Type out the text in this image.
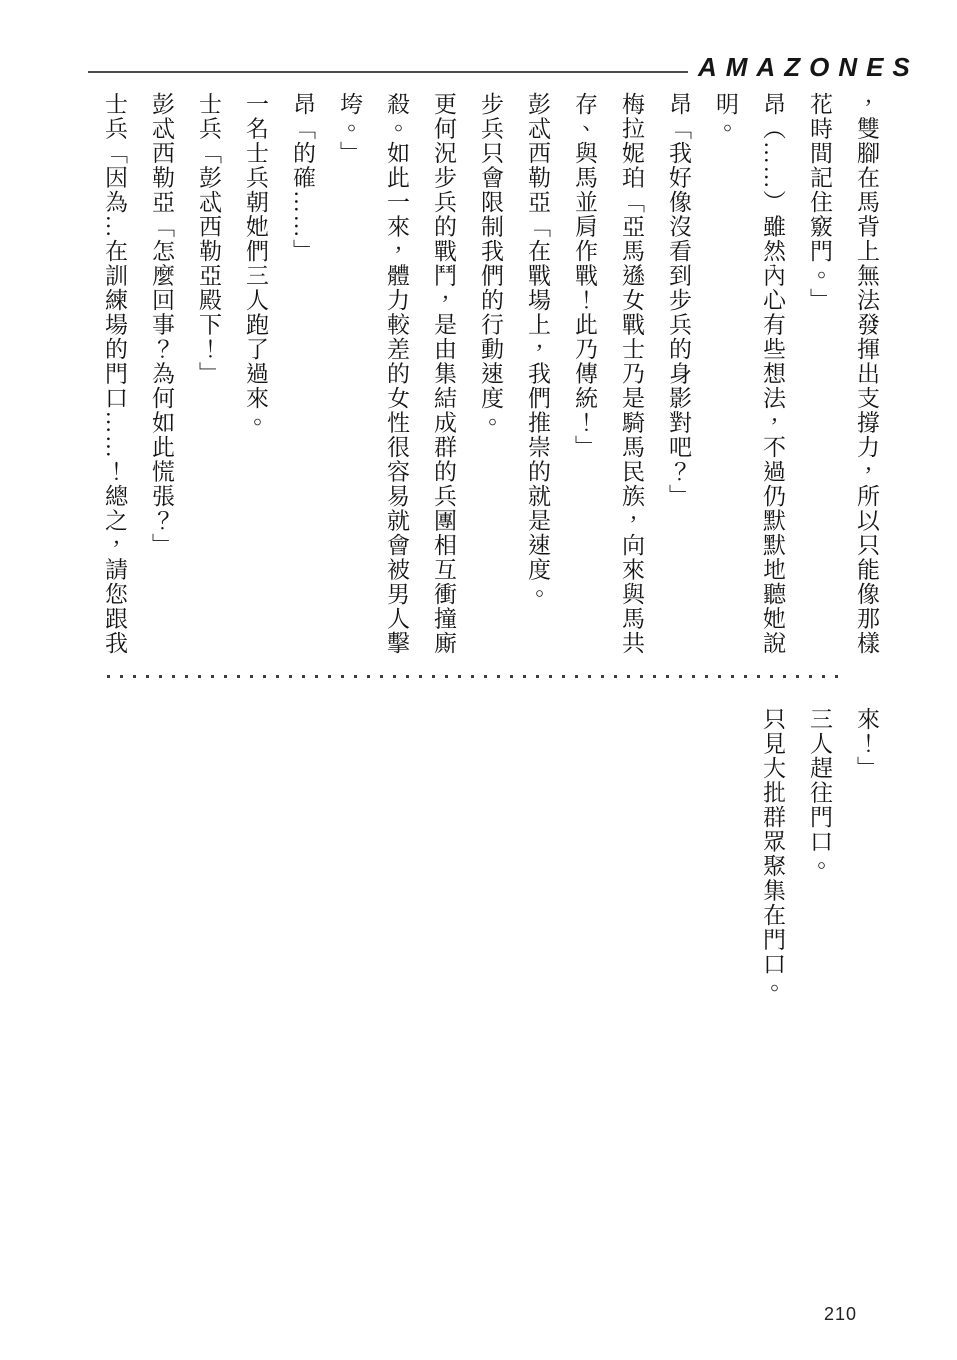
AMAZONES

，雙腳在馬背上無法發揮出支撐力，所以只能像那樣花時間記住竅門。」

昂（……）雖然內心有些想法，不過仍默默地聽她說明。

昂「我好像沒看到步兵的身影對吧？」

梅拉妮珀「亞馬遜女戰士乃是騎馬民族，向來與馬共存、與馬並肩作戰！此乃傳統！」

彭忒西勒亞「在戰場上，我們推崇的就是速度。

步兵只會限制我們的行動速度。

更何況步兵的戰鬥，是由集結成群的兵團相互衝撞廝殺。如此一來，體力較差的女性很容易就會被男人擊垮。」

昂「的確……」

一名士兵朝她們三人跑了過來。

士兵「彭忒西勒亞殿下！」

彭忒西勒亞「怎麼回事？為何如此慌張？」

士兵「因為…在訓練場的門口……！總之，請您跟我

來！」

三人趕往門口。

只見大批群眾聚集在門口。

210
